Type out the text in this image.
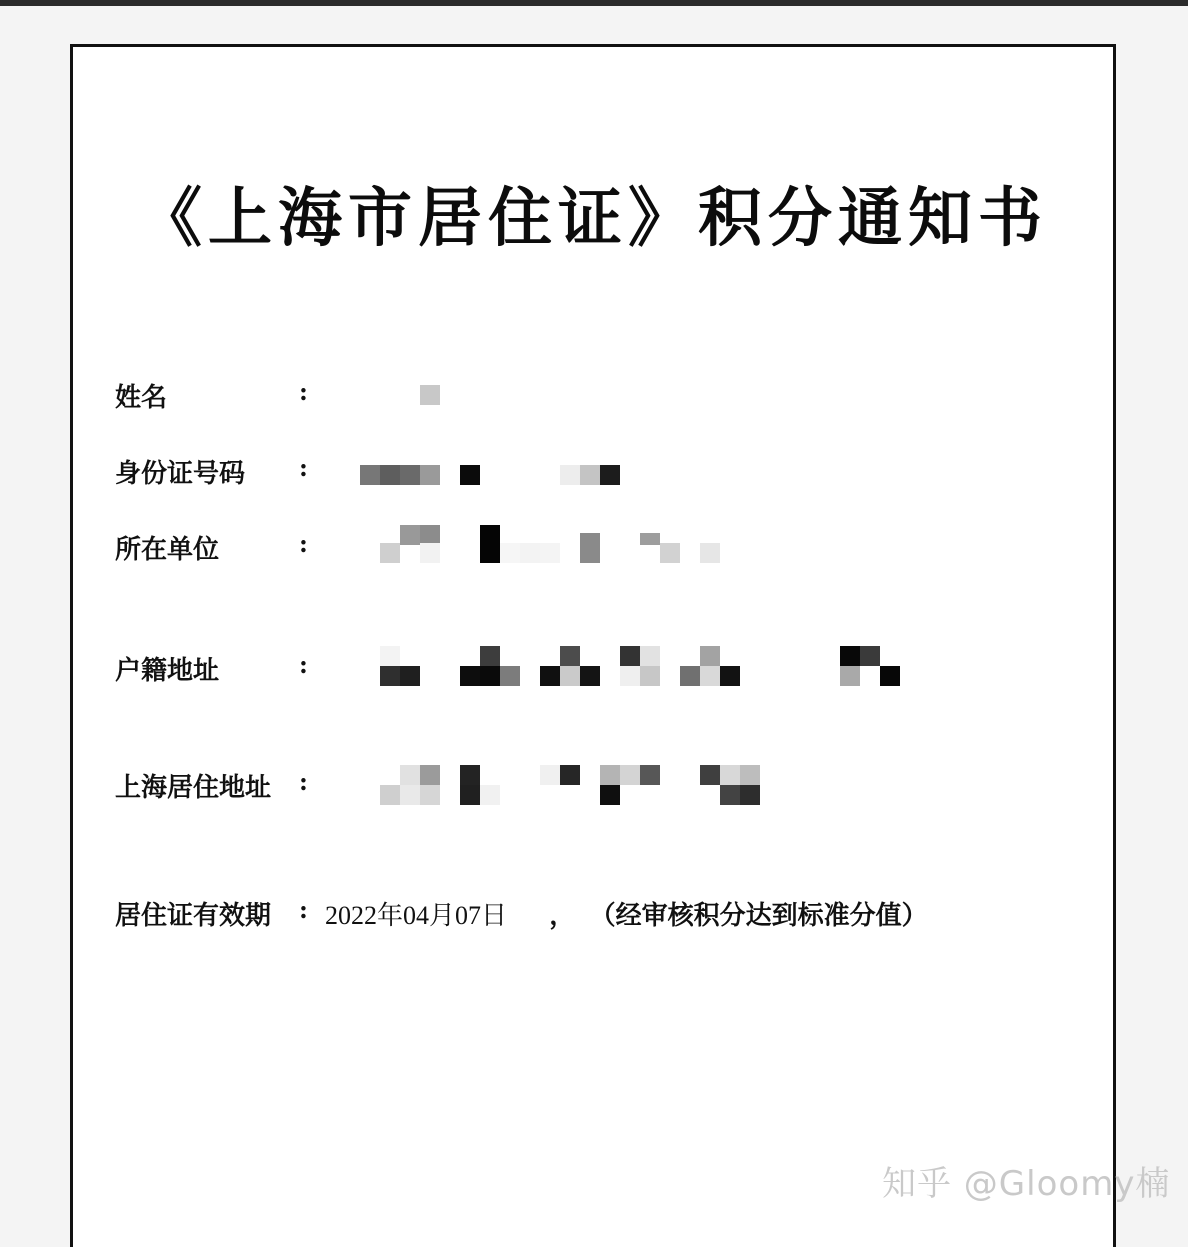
《上海市居住证》积分通知书
姓名	:
身份证号码 :
所在单位	:
户籍地址	:
上海居住地址 :
居住证有效期 : 2022年04月07日 ， （经审核积分达到标准分值）
知乎 @Gloomy楠
